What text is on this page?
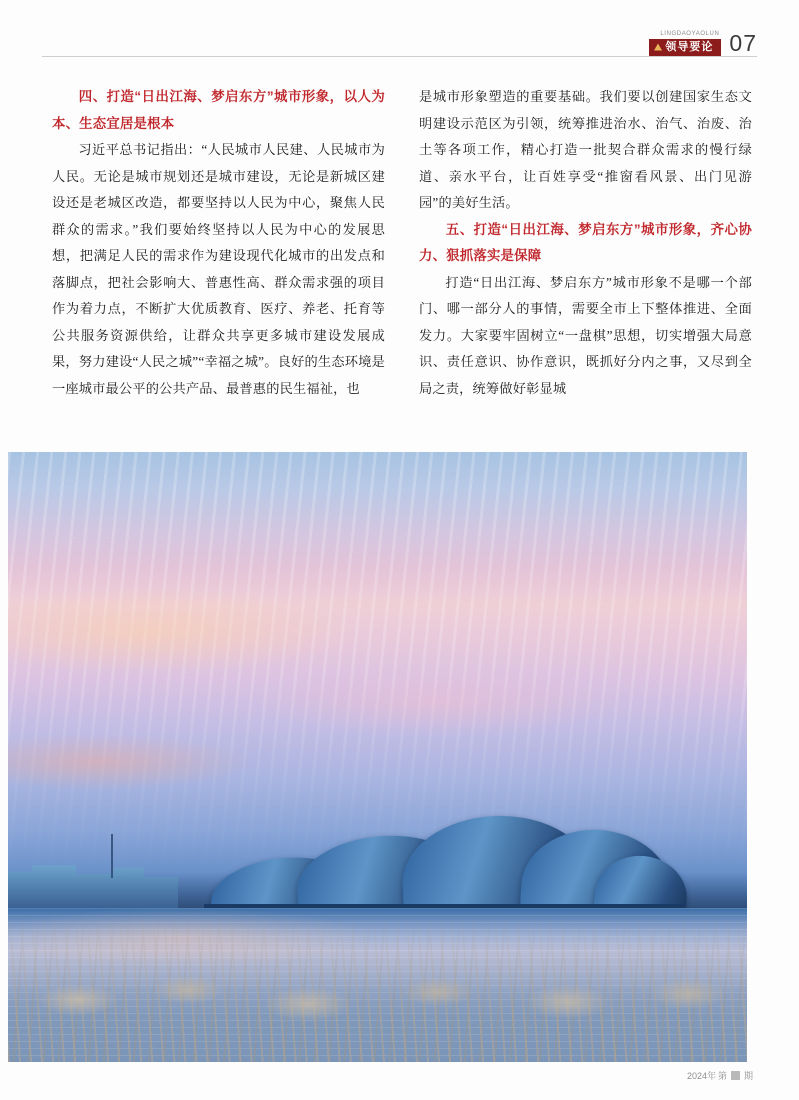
LINGDAOYAOLUN
领导要论 07
四、打造“日出江海、梦启东方”城市形象，以人为本、生态宜居是根本

习近平总书记指出：“人民城市人民建、人民城市为人民。无论是城市规划还是城市建设，无论是新城区建设还是老城区改造，都要坚持以人民为中心，聚焦人民群众的需求。”我们要始终坚持以人民为中心的发展思想，把满足人民的需求作为建设现代化城市的出发点和落脚点，把社会影响大、普惠性高、群众需求强的项目作为着力点，不断扩大优质教育、医疗、养老、托育等公共服务资源供给，让群众共享更多城市建设发展成果，努力建设“人民之城”“幸福之城”。良好的生态环境是一座城市最公平的公共产品、最普惠的民生福祉，也

是城市形象塑造的重要基础。我们要以创建国家生态文明建设示范区为引领，统筹推进治水、治气、治废、治土等各项工作，精心打造一批契合群众需求的慢行绿道、亲水平台，让百姓享受“推窗看风景、出门见游园”的美好生活。

五、打造“日出江海、梦启东方”城市形象，齐心协力、狠抓落实是保障

打造“日出江海、梦启东方”城市形象不是哪一个部门、哪一部分人的事情，需要全市上下整体推进、全面发力。大家要牢固树立“一盘棋”思想，切实增强大局意识、责任意识、协作意识，既抓好分内之事，又尽到全局之责，统筹做好彰显城

2024年 第 期
